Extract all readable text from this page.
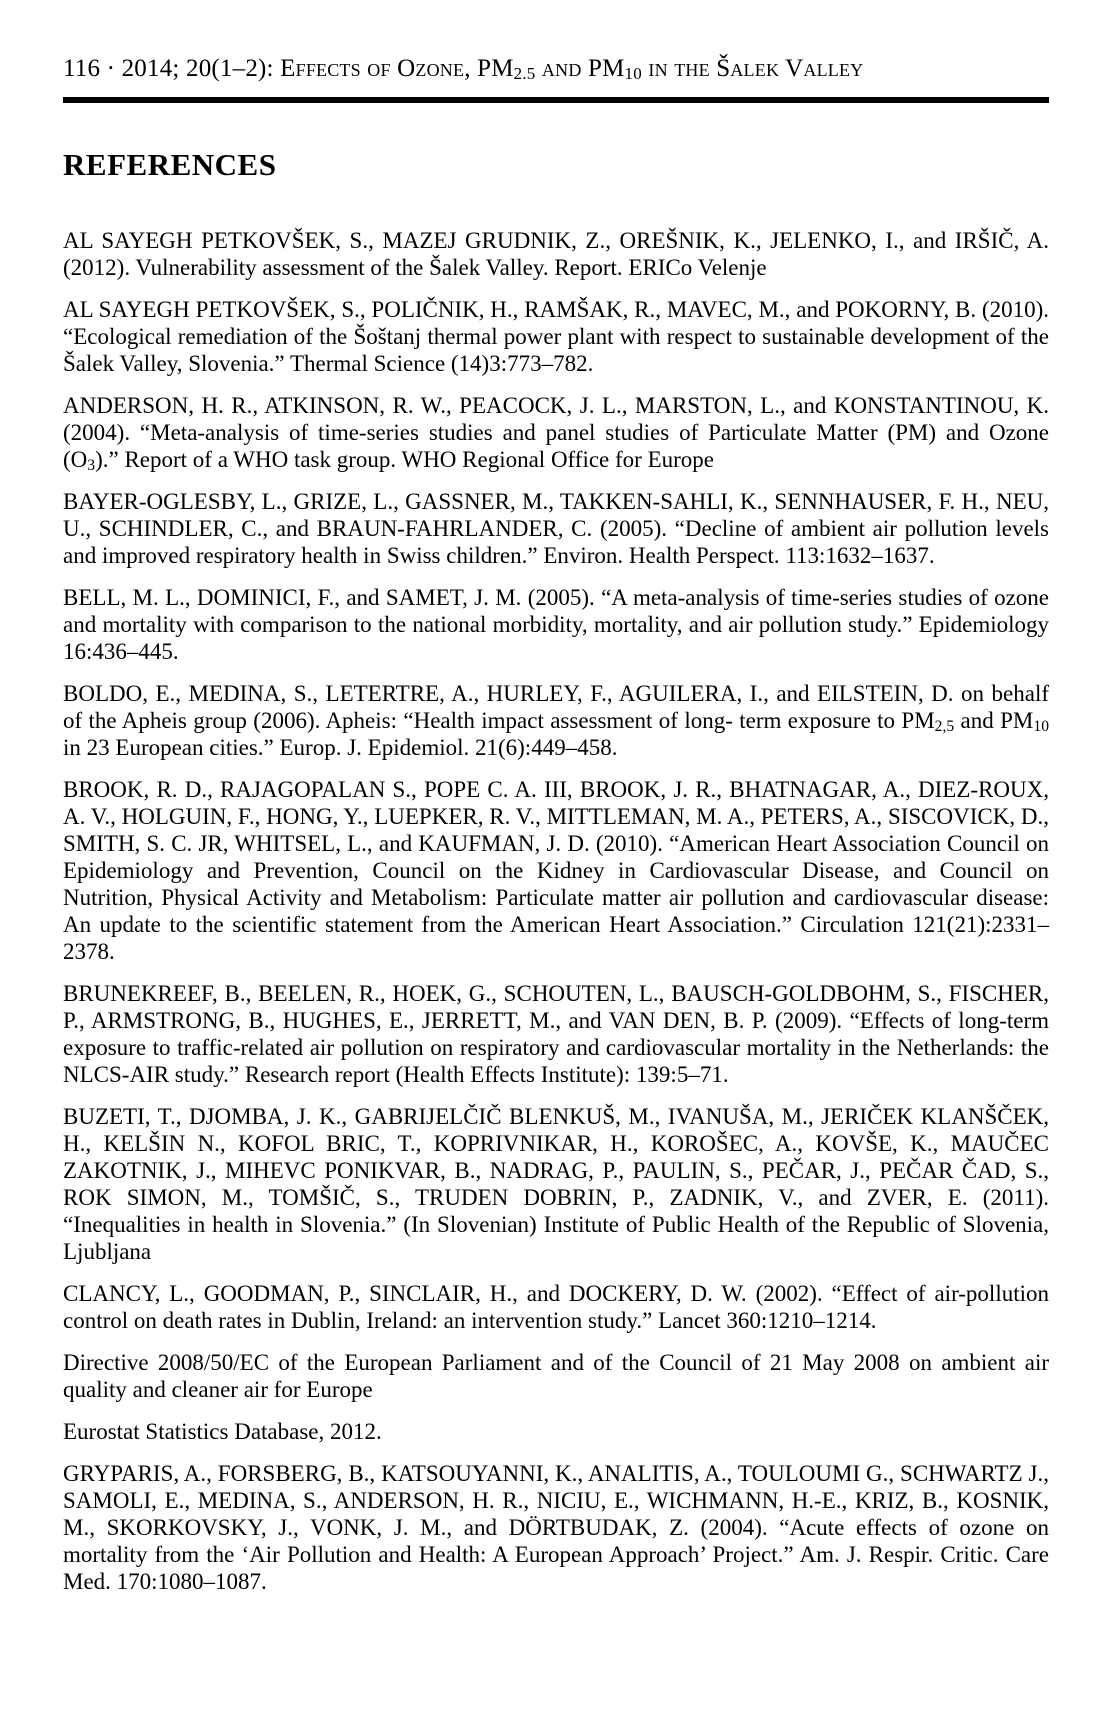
116 · 2014; 20(1–2): Effects of Ozone, $PM_{2.5}$ and $PM_{10}$ in the Šalek Valley
REFERENCES

AL SAYEGH PETKOVŠEK, S., MAZEJ GRUDNIK, Z., OREŠNIK, K., JELENKO, I., and IRŠIČ, A. (2012). Vulnerability assessment of the Šalek Valley. Report. ERICo Velenje

AL SAYEGH PETKOVŠEK, S., POLIČNIK, H., RAMŠAK, R., MAVEC, M., and POKORNY, B. (2010). “Ecological remediation of the Šoštanj thermal power plant with respect to sustainable development of the Šalek Valley, Slovenia.” Thermal Science (14)3:773–782.

ANDERSON, H. R., ATKINSON, R. W., PEACOCK, J. L., MARSTON, L., and KONSTANTINOU, K. (2004). “Meta-analysis of time-series studies and panel studies of Particulate Matter (PM) and Ozone $(O_3)$.” Report of a WHO task group. WHO Regional Office for Europe

BAYER-OGLESBY, L., GRIZE, L., GASSNER, M., TAKKEN-SAHLI, K., SENNHAUSER, F. H., NEU, U., SCHINDLER, C., and BRAUN-FAHRLANDER, C. (2005). “Decline of ambient air pollution levels and improved respiratory health in Swiss children.” Environ. Health Perspect. 113:1632–1637.

BELL, M. L., DOMINICI, F., and SAMET, J. M. (2005). “A meta-analysis of time-series studies of ozone and mortality with comparison to the national morbidity, mortality, and air pollution study.” Epidemiology 16:436–445.

BOLDO, E., MEDINA, S., LETERTRE, A., HURLEY, F., AGUILERA, I., and EILSTEIN, D. on behalf of the Apheis group (2006). Apheis: “Health impact assessment of long- term exposure to $PM_{2,5}$ and $PM_{10}$ in 23 European cities.” Europ. J. Epidemiol. 21(6):449–458.

BROOK, R. D., RAJAGOPALAN S., POPE C. A. III, BROOK, J. R., BHATNAGAR, A., DIEZ-ROUX, A. V., HOLGUIN, F., HONG, Y., LUEPKER, R. V., MITTLEMAN, M. A., PETERS, A., SISCOVICK, D., SMITH, S. C. JR, WHITSEL, L., and KAUFMAN, J. D. (2010). “American Heart Association Council on Epidemiology and Prevention, Council on the Kidney in Cardiovascular Disease, and Council on Nutrition, Physical Activity and Metabolism: Particulate matter air pollution and cardiovascular disease: An update to the scientific statement from the American Heart Association.” Circulation 121(21):2331–2378.

BRUNEKREEF, B., BEELEN, R., HOEK, G., SCHOUTEN, L., BAUSCH-GOLDBOHM, S., FISCHER, P., ARMSTRONG, B., HUGHES, E., JERRETT, M., and VAN DEN, B. P. (2009). “Effects of long-term exposure to traffic-related air pollution on respiratory and cardiovascular mortality in the Netherlands: the NLCS-AIR study.” Research report (Health Effects Institute): 139:5–71.

BUZETI, T., DJOMBA, J. K., GABRIJELČIČ BLENKUŠ, M., IVANUŠA, M., JERIČEK KLANŠČEK, H., KELŠIN N., KOFOL BRIC, T., KOPRIVNIKAR, H., KOROŠEC, A., KOVŠE, K., MAUČEC ZAKOTNIK, J., MIHEVC PONIKVAR, B., NADRAG, P., PAULIN, S., PEČAR, J., PEČAR ČAD, S., ROK SIMON, M., TOMŠIČ, S., TRUDEN DOBRIN, P., ZADNIK, V., and ZVER, E. (2011). “Inequalities in health in Slovenia.” (In Slovenian) Institute of Public Health of the Republic of Slovenia, Ljubljana

CLANCY, L., GOODMAN, P., SINCLAIR, H., and DOCKERY, D. W. (2002). “Effect of air-pollution control on death rates in Dublin, Ireland: an intervention study.” Lancet 360:1210–1214.

Directive 2008/50/EC of the European Parliament and of the Council of 21 May 2008 on ambient air quality and cleaner air for Europe

Eurostat Statistics Database, 2012.

GRYPARIS, A., FORSBERG, B., KATSOUYANNI, K., ANALITIS, A., TOULOUMI G., SCHWARTZ J., SAMOLI, E., MEDINA, S., ANDERSON, H. R., NICIU, E., WICHMANN, H.-E., KRIZ, B., KOSNIK, M., SKORKOVSKY, J., VONK, J. M., and DÖRTBUDAK, Z. (2004). “Acute effects of ozone on mortality from the ‘Air Pollution and Health: A European Approach’ Project.” Am. J. Respir. Critic. Care Med. 170:1080–1087.
